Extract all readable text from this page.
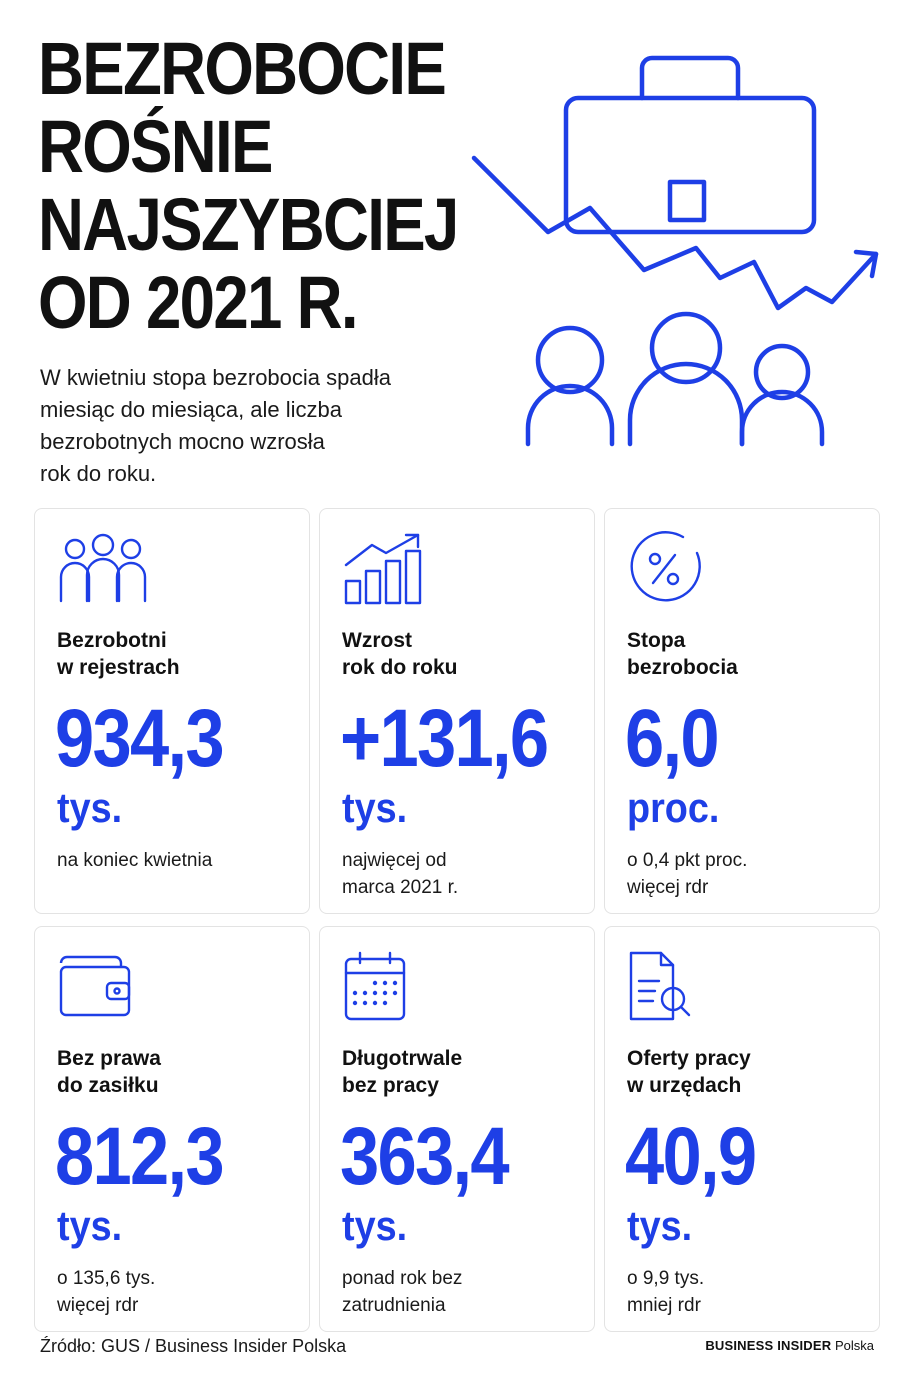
BEZROBOCIE
ROŚNIE
NAJSZYBCIEJ
OD 2021 R.
W kwietniu stopa bezrobocia spadła
miesiąc do miesiąca, ale liczba
bezrobotnych mocno wzrosła
rok do roku.
Bezrobotni
w rejestrach
934,3
tys.
na koniec kwietnia
Wzrost
rok do roku
+131,6
tys.
najwięcej od
marca 2021 r.
Stopa
bezrobocia
6,0
proc.
o 0,4 pkt proc.
więcej rdr
Bez prawa
do zasiłku
812,3
tys.
o 135,6 tys.
więcej rdr
Długotrwale
bez pracy
363,4
tys.
ponad rok bez
zatrudnienia
Oferty pracy
w urzędach
40,9
tys.
o 9,9 tys.
mniej rdr
Źródło: GUS / Business Insider Polska	BUSINESS INSIDER Polska
